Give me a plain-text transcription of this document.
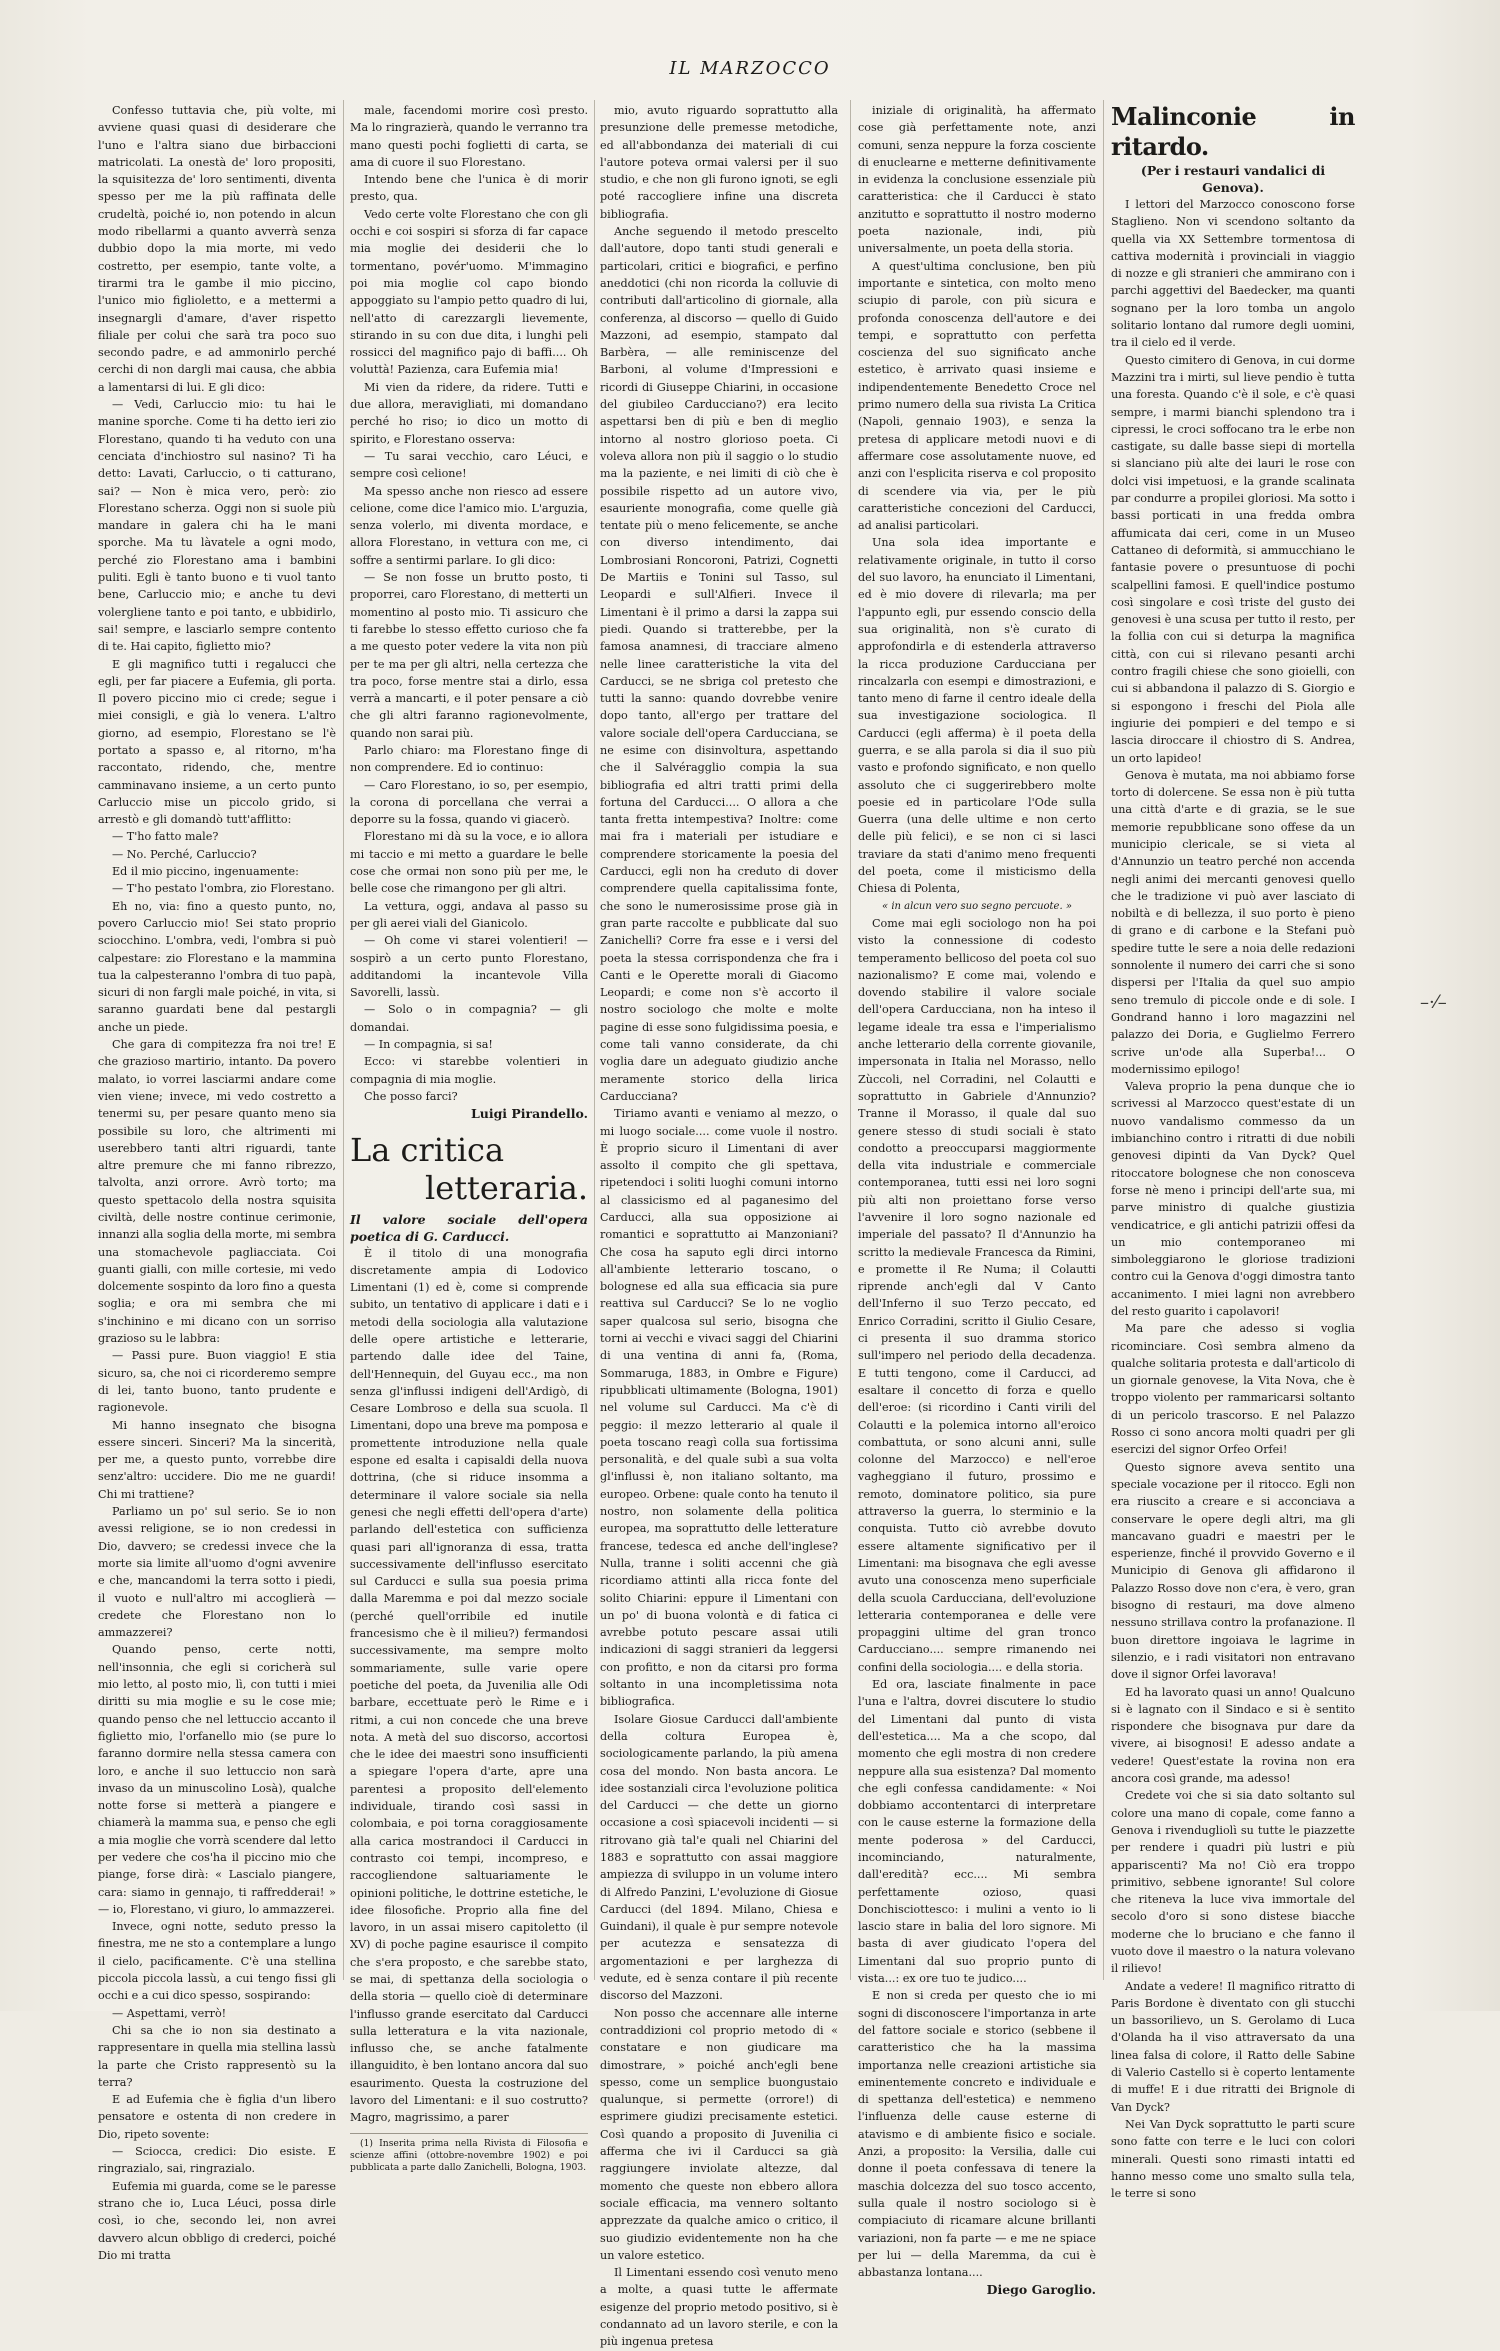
IL MARZOCCO

Confesso tuttavia che, più volte, mi avviene quasi quasi di desiderare che l'uno e l'altra siano due birbaccioni matricolati. La onestà de' loro propositi, la squisitezza de' loro sentimenti, diventa spesso per me la più raffinata delle crudeltà, poiché io, non potendo in alcun modo ribellarmi a quanto avverrà senza dubbio dopo la mia morte, mi vedo costretto, per esempio, tante volte, a tirarmi tra le gambe il mio piccino, l'unico mio figlioletto, e a mettermi a insegnargli d'amare, d'aver rispetto filiale per colui che sarà tra poco suo secondo padre, e ad ammonirlo perché cerchi di non dargli mai causa, che abbia a lamentarsi di lui. E gli dico:

— Vedi, Carluccio mio: tu hai le manine sporche. Come ti ha detto ieri zio Florestano, quando ti ha veduto con una cenciata d'inchiostro sul nasino? Ti ha detto: Lavati, Carluccio, o ti catturano, sai? — Non è mica vero, però: zio Florestano scherza. Oggi non si suole più mandare in galera chi ha le mani sporche. Ma tu làvatele a ogni modo, perché zio Florestano ama i bambini puliti. Egli è tanto buono e ti vuol tanto bene, Carluccio mio; e anche tu devi volergliene tanto e poi tanto, e ubbidirlo, sai! sempre, e lasciarlo sempre contento di te. Hai capito, figlietto mio?

E gli magnifico tutti i regalucci che egli, per far piacere a Eufemia, gli porta. Il povero piccino mio ci crede; segue i miei consigli, e già lo venera. L'altro giorno, ad esempio, Florestano se l'è portato a spasso e, al ritorno, m'ha raccontato, ridendo, che, mentre camminavano insieme, a un certo punto Carluccio mise un piccolo grido, si arrestò e gli domandò tutt'afflitto:

— T'ho fatto male?

— No. Perché, Carluccio?

Ed il mio piccino, ingenuamente:

— T'ho pestato l'ombra, zio Florestano.

Eh no, via: fino a questo punto, no, povero Carluccio mio! Sei stato proprio sciocchino. L'ombra, vedi, l'ombra si può calpestare: zio Florestano e la mammina tua la calpesteranno l'ombra di tuo papà, sicuri di non fargli male poiché, in vita, si saranno guardati bene dal pestargli anche un piede.

Che gara di compitezza fra noi tre! E che grazioso martirio, intanto. Da povero malato, io vorrei lasciarmi andare come vien viene; invece, mi vedo costretto a tenermi su, per pesare quanto meno sia possibile su loro, che altrimenti mi userebbero tanti altri riguardi, tante altre premure che mi fanno ribrezzo, talvolta, anzi orrore. Avrò torto; ma questo spettacolo della nostra squisita civiltà, delle nostre continue cerimonie, innanzi alla soglia della morte, mi sembra una stomachevole pagliacciata. Coi guanti gialli, con mille cortesie, mi vedo dolcemente sospinto da loro fino a questa soglia; e ora mi sembra che mi s'inchinino e mi dicano con un sorriso grazioso su le labbra:

— Passi pure. Buon viaggio! E stia sicuro, sa, che noi ci ricorderemo sempre di lei, tanto buono, tanto prudente e ragionevole.

Mi hanno insegnato che bisogna essere sinceri. Sinceri? Ma la sincerità, per me, a questo punto, vorrebbe dire senz'altro: uccidere. Dio me ne guardi! Chi mi trattiene?

Parliamo un po' sul serio. Se io non avessi religione, se io non credessi in Dio, davvero; se credessi invece che la morte sia limite all'uomo d'ogni avvenire e che, mancandomi la terra sotto i piedi, il vuoto e null'altro mi accoglierà — credete che Florestano non lo ammazzerei?

Quando penso, certe notti, nell'insonnia, che egli si coricherà sul mio letto, al posto mio, lì, con tutti i miei diritti su mia moglie e su le cose mie; quando penso che nel lettuccio accanto il figlietto mio, l'orfanello mio (se pure lo faranno dormire nella stessa camera con loro, e anche il suo lettuccio non sarà invaso da un minuscolino Losà), qualche notte forse si metterà a piangere e chiamerà la mamma sua, e penso che egli a mia moglie che vorrà scendere dal letto per vedere che cos'ha il piccino mio che piange, forse dirà: « Lascialo piangere, cara: siamo in gennajo, ti raffredderai! » — io, Florestano, vi giuro, lo ammazzerei.

Invece, ogni notte, seduto presso la finestra, me ne sto a contemplare a lungo il cielo, pacificamente. C'è una stellina piccola piccola lassù, a cui tengo fissi gli occhi e a cui dico spesso, sospirando:

— Aspettami, verrò!

Chi sa che io non sia destinato a rappresentare in quella mia stellina lassù la parte che Cristo rappresentò su la terra?

E ad Eufemia che è figlia d'un libero pensatore e ostenta di non credere in Dio, ripeto sovente:

— Sciocca, credici: Dio esiste. E ringrazialo, sai, ringrazialo.

Eufemia mi guarda, come se le paresse strano che io, Luca Léuci, possa dirle così, io che, secondo lei, non avrei davvero alcun obbligo di crederci, poiché Dio mi tratta

male, facendomi morire così presto. Ma lo ringrazierà, quando le verranno tra mano questi pochi foglietti di carta, se ama di cuore il suo Florestano.

Intendo bene che l'unica è di morir presto, qua.

Vedo certe volte Florestano che con gli occhi e coi sospiri si sforza di far capace mia moglie dei desiderii che lo tormentano, povér'uomo. M'immagino poi mia moglie col capo biondo appoggiato su l'ampio petto quadro di lui, nell'atto di carezzargli lievemente, stirando in su con due dita, i lunghi peli rossicci del magnifico pajo di baffi.... Oh voluttà! Pazienza, cara Eufemia mia!

Mi vien da ridere, da ridere. Tutti e due allora, meravigliati, mi domandano perché ho riso; io dico un motto di spirito, e Florestano osserva:

— Tu sarai vecchio, caro Léuci, e sempre così celione!

Ma spesso anche non riesco ad essere celione, come dice l'amico mio. L'arguzia, senza volerlo, mi diventa mordace, e allora Florestano, in vettura con me, ci soffre a sentirmi parlare. Io gli dico:

— Se non fosse un brutto posto, ti proporrei, caro Florestano, di metterti un momentino al posto mio. Ti assicuro che ti farebbe lo stesso effetto curioso che fa a me questo poter vedere la vita non più per te ma per gli altri, nella certezza che tra poco, forse mentre stai a dirlo, essa verrà a mancarti, e il poter pensare a ciò che gli altri faranno ragionevolmente, quando non sarai più.

Parlo chiaro: ma Florestano finge di non comprendere. Ed io continuo:

— Caro Florestano, io so, per esempio, la corona di porcellana che verrai a deporre su la fossa, quando vi giacerò.

Florestano mi dà su la voce, e io allora mi taccio e mi metto a guardare le belle cose che ormai non sono più per me, le belle cose che rimangono per gli altri.

La vettura, oggi, andava al passo su per gli aerei viali del Gianicolo.

— Oh come vi starei volentieri! — sospirò a un certo punto Florestano, additandomi la incantevole Villa Savorelli, lassù.

— Solo o in compagnia? — gli domandai.

— In compagnia, si sa!

Ecco: vi starebbe volentieri in compagnia di mia moglie.

Che posso farci?

Luigi Pirandello.

La critica
letteraria.

Il valore sociale dell'opera poetica di G. Carducci.

È il titolo di una monografia discretamente ampia di Lodovico Limentani (1) ed è, come si comprende subito, un tentativo di applicare i dati e i metodi della sociologia alla valutazione delle opere artistiche e letterarie, partendo dalle idee del Taine, dell'Hennequin, del Guyau ecc., ma non senza gl'influssi indigeni dell'Ardigò, di Cesare Lombroso e della sua scuola. Il Limentani, dopo una breve ma pomposa e promettente introduzione nella quale espone ed esalta i capisaldi della nuova dottrina, (che si riduce insomma a determinare il valore sociale sia nella genesi che negli effetti dell'opera d'arte) parlando dell'estetica con sufficienza quasi pari all'ignoranza di essa, tratta successivamente dell'influsso esercitato sul Carducci e sulla sua poesia prima dalla Maremma e poi dal mezzo sociale (perché quell'orribile ed inutile francesismo che è il milieu?) fermandosi successivamente, ma sempre molto sommariamente, sulle varie opere poetiche del poeta, da Juvenilia alle Odi barbare, eccettuate però le Rime e i ritmi, a cui non concede che una breve nota. A metà del suo discorso, accortosi che le idee dei maestri sono insufficienti a spiegare l'opera d'arte, apre una parentesi a proposito dell'elemento individuale, tirando così sassi in colombaia, e poi torna coraggiosamente alla carica mostrandoci il Carducci in contrasto coi tempi, incompreso, e raccogliendone saltuariamente le opinioni politiche, le dottrine estetiche, le idee filosofiche. Proprio alla fine del lavoro, in un assai misero capitoletto (il XV) di poche pagine esaurisce il compito che s'era proposto, e che sarebbe stato, se mai, di spettanza della sociologia o della storia — quello cioè di determinare l'influsso grande esercitato dal Carducci sulla letteratura e la vita nazionale, influsso che, se anche fatalmente illanguidito, è ben lontano ancora dal suo esaurimento. Questa la costruzione del lavoro del Limentani: e il suo costrutto? Magro, magrissimo, a parer

(1) Inserita prima nella Rivista di Filosofia e scienze affini (ottobre-novembre 1902) e poi pubblicata a parte dallo Zanichelli, Bologna, 1903.

mio, avuto riguardo soprattutto alla presunzione delle premesse metodiche, ed all'abbondanza dei materiali di cui l'autore poteva ormai valersi per il suo studio, e che non gli furono ignoti, se egli poté raccogliere infine una discreta bibliografia.

Anche seguendo il metodo prescelto dall'autore, dopo tanti studi generali e particolari, critici e biografici, e perfino aneddotici (chi non ricorda la colluvie di contributi dall'articolino di giornale, alla conferenza, al discorso — quello di Guido Mazzoni, ad esempio, stampato dal Barbèra, — alle reminiscenze del Barboni, al volume d'Impressioni e ricordi di Giuseppe Chiarini, in occasione del giubileo Carducciano?) era lecito aspettarsi ben di più e ben di meglio intorno al nostro glorioso poeta. Ci voleva allora non più il saggio o lo studio ma la paziente, e nei limiti di ciò che è possibile rispetto ad un autore vivo, esauriente monografia, come quelle già tentate più o meno felicemente, se anche con diverso intendimento, dai Lombrosiani Roncoroni, Patrizi, Cognetti De Martiis e Tonini sul Tasso, sul Leopardi e sull'Alfieri. Invece il Limentani è il primo a darsi la zappa sui piedi. Quando si tratterebbe, per la famosa anamnesi, di tracciare almeno nelle linee caratteristiche la vita del Carducci, se ne sbriga col pretesto che tutti la sanno: quando dovrebbe venire dopo tanto, all'ergo per trattare del valore sociale dell'opera Carducciana, se ne esime con disinvoltura, aspettando che il Salvéragglio compia la sua bibliografia ed altri tratti primi della fortuna del Carducci.... O allora a che tanta fretta intempestiva? Inoltre: come mai fra i materiali per istudiare e comprendere storicamente la poesia del Carducci, egli non ha creduto di dover comprendere quella capitalissima fonte, che sono le numerosissime prose già in gran parte raccolte e pubblicate dal suo Zanichelli? Corre fra esse e i versi del poeta la stessa corrispondenza che fra i Canti e le Operette morali di Giacomo Leopardi; e come non s'è accorto il nostro sociologo che molte e molte pagine di esse sono fulgidissima poesia, e come tali vanno considerate, da chi voglia dare un adeguato giudizio anche meramente storico della lirica Carducciana?

Tiriamo avanti e veniamo al mezzo, o mi luogo sociale.... come vuole il nostro. È proprio sicuro il Limentani di aver assolto il compito che gli spettava, ripetendoci i soliti luoghi comuni intorno al classicismo ed al paganesimo del Carducci, alla sua opposizione ai romantici e soprattutto ai Manzoniani? Che cosa ha saputo egli dirci intorno all'ambiente letterario toscano, o bolognese ed alla sua efficacia sia pure reattiva sul Carducci? Se lo ne voglio saper qualcosa sul serio, bisogna che torni ai vecchi e vivaci saggi del Chiarini di una ventina di anni fa, (Roma, Sommaruga, 1883, in Ombre e Figure) ripubblicati ultimamente (Bologna, 1901) nel volume sul Carducci. Ma c'è di peggio: il mezzo letterario al quale il poeta toscano reagì colla sua fortissima personalità, e del quale subì a sua volta gl'influssi è, non italiano soltanto, ma europeo. Orbene: quale conto ha tenuto il nostro, non solamente della politica europea, ma soprattutto delle letterature francese, tedesca ed anche dell'inglese? Nulla, tranne i soliti accenni che già ricordiamo attinti alla ricca fonte del solito Chiarini: eppure il Limentani con un po' di buona volontà e di fatica ci avrebbe potuto pescare assai utili indicazioni di saggi stranieri da leggersi con profitto, e non da citarsi pro forma soltanto in una incompletissima nota bibliografica.

Isolare Giosue Carducci dall'ambiente della coltura Europea è, sociologicamente parlando, la più amena cosa del mondo. Non basta ancora. Le idee sostanziali circa l'evoluzione politica del Carducci — che dette un giorno occasione a così spiacevoli incidenti — si ritrovano già tal'e quali nel Chiarini del 1883 e soprattutto con assai maggiore ampiezza di sviluppo in un volume intero di Alfredo Panzini, L'evoluzione di Giosue Carducci (del 1894. Milano, Chiesa e Guindani), il quale è pur sempre notevole per acutezza e sensatezza di argomentazioni e per larghezza di vedute, ed è senza contare il più recente discorso del Mazzoni.

Non posso che accennare alle interne contraddizioni col proprio metodo di « constatare e non giudicare ma dimostrare, » poiché anch'egli bene spesso, come un semplice buongustaio qualunque, si permette (orrore!) di esprimere giudizi precisamente estetici. Così quando a proposito di Juvenilia ci afferma che ivi il Carducci sa già raggiungere inviolate altezze, dal momento che queste non ebbero allora sociale efficacia, ma vennero soltanto apprezzate da qualche amico o critico, il suo giudizio evidentemente non ha che un valore estetico.

Il Limentani essendo così venuto meno a molte, a quasi tutte le affermate esigenze del proprio metodo positivo, si è condannato ad un lavoro sterile, e con la più ingenua pretesa

iniziale di originalità, ha affermato cose già perfettamente note, anzi comuni, senza neppure la forza cosciente di enuclearne e metterne definitivamente in evidenza la conclusione essenziale più caratteristica: che il Carducci è stato anzitutto e soprattutto il nostro moderno poeta nazionale, indi, più universalmente, un poeta della storia.

A quest'ultima conclusione, ben più importante e sintetica, con molto meno sciupio di parole, con più sicura e profonda conoscenza dell'autore e dei tempi, e soprattutto con perfetta coscienza del suo significato anche estetico, è arrivato quasi insieme e indipendentemente Benedetto Croce nel primo numero della sua rivista La Critica (Napoli, gennaio 1903), e senza la pretesa di applicare metodi nuovi e di affermare cose assolutamente nuove, ed anzi con l'esplicita riserva e col proposito di scendere via via, per le più caratteristiche concezioni del Carducci, ad analisi particolari.

Una sola idea importante e relativamente originale, in tutto il corso del suo lavoro, ha enunciato il Limentani, ed è mio dovere di rilevarla; ma per l'appunto egli, pur essendo conscio della sua originalità, non s'è curato di approfondirla e di estenderla attraverso la ricca produzione Carducciana per rincalzarla con esempi e dimostrazioni, e tanto meno di farne il centro ideale della sua investigazione sociologica. Il Carducci (egli afferma) è il poeta della guerra, e se alla parola si dia il suo più vasto e profondo significato, e non quello assoluto che ci suggerirebbero molte poesie ed in particolare l'Ode sulla Guerra (una delle ultime e non certo delle più felici), e se non ci si lasci traviare da stati d'animo meno frequenti del poeta, come il misticismo della Chiesa di Polenta,

« in alcun vero suo segno percuote. »

Come mai egli sociologo non ha poi visto la connessione di codesto temperamento bellicoso del poeta col suo nazionalismo? E come mai, volendo e dovendo stabilire il valore sociale dell'opera Carducciana, non ha inteso il legame ideale tra essa e l'imperialismo anche letterario della corrente giovanile, impersonata in Italia nel Morasso, nello Zùccoli, nel Corradini, nel Colautti e soprattutto in Gabriele d'Annunzio? Tranne il Morasso, il quale dal suo genere stesso di studi sociali è stato condotto a preoccuparsi maggiormente della vita industriale e commerciale contemporanea, tutti essi nei loro sogni più alti non proiettano forse verso l'avvenire il loro sogno nazionale ed imperiale del passato? Il d'Annunzio ha scritto la medievale Francesca da Rimini, e promette il Re Numa; il Colautti riprende anch'egli dal V Canto dell'Inferno il suo Terzo peccato, ed Enrico Corradini, scritto il Giulio Cesare, ci presenta il suo dramma storico sull'impero nel periodo della decadenza. E tutti tengono, come il Carducci, ad esaltare il concetto di forza e quello dell'eroe: (si ricordino i Canti virili del Colautti e la polemica intorno all'eroico combattuta, or sono alcuni anni, sulle colonne del Marzocco) e nell'eroe vagheggiano il futuro, prossimo e remoto, dominatore politico, sia pure attraverso la guerra, lo sterminio e la conquista. Tutto ciò avrebbe dovuto essere altamente significativo per il Limentani: ma bisognava che egli avesse avuto una conoscenza meno superficiale della scuola Carducciana, dell'evoluzione letteraria contemporanea e delle vere propaggini ultime del gran tronco Carducciano.... sempre rimanendo nei confini della sociologia.... e della storia.

Ed ora, lasciate finalmente in pace l'una e l'altra, dovrei discutere lo studio del Limentani dal punto di vista dell'estetica.... Ma a che scopo, dal momento che egli mostra di non credere neppure alla sua esistenza? Dal momento che egli confessa candidamente: « Noi dobbiamo accontentarci di interpretare con le cause esterne la formazione della mente poderosa » del Carducci, incominciando, naturalmente, dall'eredità? ecc.... Mi sembra perfettamente ozioso, quasi Donchisciottesco: i mulini a vento io li lascio stare in balia del loro signore. Mi basta di aver giudicato l'opera del Limentani dal suo proprio punto di vista...: ex ore tuo te judico....

E non si creda per questo che io mi sogni di disconoscere l'importanza in arte del fattore sociale e storico (sebbene il caratteristico che ha la massima importanza nelle creazioni artistiche sia eminentemente concreto e individuale e di spettanza dell'estetica) e nemmeno l'influenza delle cause esterne di atavismo e di ambiente fisico e sociale. Anzi, a proposito: la Versilia, dalle cui donne il poeta confessava di tenere la maschia dolcezza del suo tosco accento, sulla quale il nostro sociologo si è compiaciuto di ricamare alcune brillanti variazioni, non fa parte — e me ne spiace per lui — della Maremma, da cui è abbastanza lontana....

Diego Garoglio.

Malinconie in ritardo.

(Per i restauri vandalici di Genova).

I lettori del Marzocco conoscono forse Staglieno. Non vi scendono soltanto da quella via XX Settembre tormentosa di cattiva modernità i provinciali in viaggio di nozze e gli stranieri che ammirano con i parchi aggettivi del Baedecker, ma quanti sognano per la loro tomba un angolo solitario lontano dal rumore degli uomini, tra il cielo ed il verde.

Questo cimitero di Genova, in cui dorme Mazzini tra i mirti, sul lieve pendio è tutta una foresta. Quando c'è il sole, e c'è quasi sempre, i marmi bianchi splendono tra i cipressi, le croci soffocano tra le erbe non castigate, su dalle basse siepi di mortella si slanciano più alte dei lauri le rose con dolci visi impetuosi, e la grande scalinata par condurre a propilei gloriosi. Ma sotto i bassi porticati in una fredda ombra affumicata dai ceri, come in un Museo Cattaneo di deformità, si ammucchiano le fantasie povere o presuntuose di pochi scalpellini famosi. E quell'indice postumo così singolare e così triste del gusto dei genovesi è una scusa per tutto il resto, per la follia con cui si deturpa la magnifica città, con cui si rilevano pesanti archi contro fragili chiese che sono gioielli, con cui si abbandona il palazzo di S. Giorgio e si espongono i freschi del Piola alle ingiurie dei pompieri e del tempo e si lascia diroccare il chiostro di S. Andrea, un orto lapideo!

Genova è mutata, ma noi abbiamo forse torto di dolercene. Se essa non è più tutta una città d'arte e di grazia, se le sue memorie repubblicane sono offese da un municipio clericale, se si vieta al d'Annunzio un teatro perché non accenda negli animi dei mercanti genovesi quello che le tradizione vi può aver lasciato di nobiltà e di bellezza, il suo porto è pieno di grano e di carbone e la Stefani può spedire tutte le sere a noia delle redazioni sonnolente il numero dei carri che si sono dispersi per l'Italia da quel suo ampio seno tremulo di piccole onde e di sole. I Gondrand hanno i loro magazzini nel palazzo dei Doria, e Guglielmo Ferrero scrive un'ode alla Superba!... O modernissimo epilogo!

Valeva proprio la pena dunque che io scrivessi al Marzocco quest'estate di un nuovo vandalismo commesso da un imbianchino contro i ritratti di due nobili genovesi dipinti da Van Dyck? Quel ritoccatore bolognese che non conosceva forse nè meno i principi dell'arte sua, mi parve ministro di qualche giustizia vendicatrice, e gli antichi patrizii offesi da un mio contemporaneo mi simboleggiarono le gloriose tradizioni contro cui la Genova d'oggi dimostra tanto accanimento. I miei lagni non avrebbero del resto guarito i capolavori!

Ma pare che adesso si voglia ricominciare. Così sembra almeno da qualche solitaria protesta e dall'articolo di un giornale genovese, la Vita Nova, che è troppo violento per rammaricarsi soltanto di un pericolo trascorso. E nel Palazzo Rosso ci sono ancora molti quadri per gli esercizi del signor Orfeo Orfei!

Questo signore aveva sentito una speciale vocazione per il ritocco. Egli non era riuscito a creare e si acconciava a conservare le opere degli altri, ma gli mancavano guadri e maestri per le esperienze, finché il provvido Governo e il Municipio di Genova gli affidarono il Palazzo Rosso dove non c'era, è vero, gran bisogno di restauri, ma dove almeno nessuno strillava contro la profanazione. Il buon direttore ingoiava le lagrime in silenzio, e i radi visitatori non entravano dove il signor Orfei lavorava!

Ed ha lavorato quasi un anno! Qualcuno si è lagnato con il Sindaco e si è sentito rispondere che bisognava pur dare da vivere, ai bisognosi! E adesso andate a vedere! Quest'estate la rovina non era ancora così grande, ma adesso!

Credete voi che si sia dato soltanto sul colore una mano di copale, come fanno a Genova i rivendugliolì su tutte le piazzette per rendere i quadri più lustri e più appariscenti? Ma no! Ciò era troppo primitivo, sebbene ignorante! Sul colore che riteneva la luce viva immortale del secolo d'oro si sono distese biacche moderne che lo bruciano e che fanno il vuoto dove il maestro o la natura volevano il rilievo!

Andate a vedere! Il magnifico ritratto di Paris Bordone è diventato con gli stucchi un bassorilievo, un S. Gerolamo di Luca d'Olanda ha il viso attraversato da una linea falsa di colore, il Ratto delle Sabine di Valerio Castello si è coperto lentamente di muffe! E i due ritratti dei Brignole di Van Dyck?

Nei Van Dyck soprattutto le parti scure sono fatte con terre e le luci con colori minerali. Questi sono rimasti intatti ed hanno messo come uno smalto sulla tela, le terre si sono

–·⁄–
